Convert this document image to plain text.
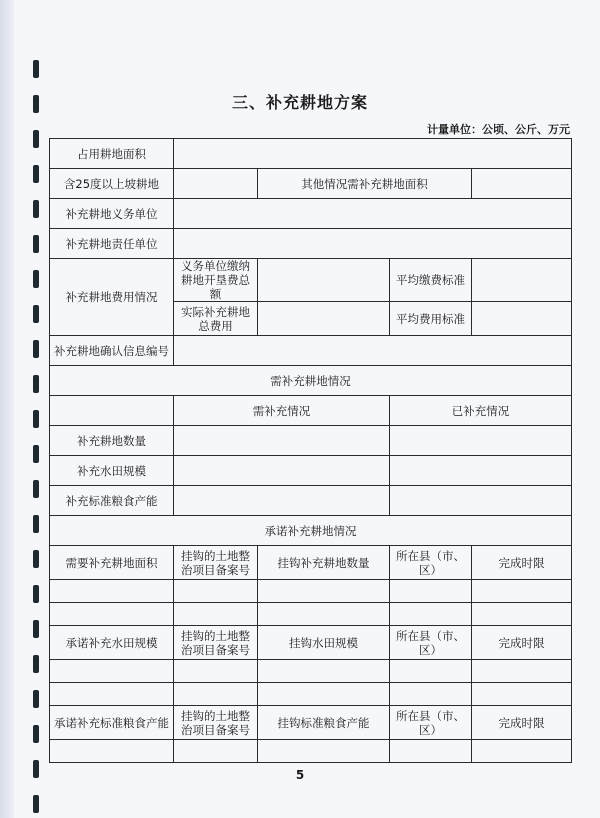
三、补充耕地方案
计量单位：公顷、公斤、万元
占用耕地面积				
含25度以上坡耕地		其他情况需补充耕地面积		
补充耕地义务单位				
补充耕地责任单位				
补充耕地费用情况	义务单位缴纳耕地开垦费总额		平均缴费标准	
	实际补充耕地总费用		平均费用标准	
补充耕地确认信息编号				
需补充耕地情况				
	需补充情况		已补充情况	
补充耕地数量				
补充水田规模				
补充标准粮食产能				
承诺补充耕地情况				
需要补充耕地面积	挂钩的土地整治项目备案号	挂钩补充耕地数量	所在县（市、区）	完成时限

承诺补充水田规模	挂钩的土地整治项目备案号	挂钩水田规模	所在县（市、区）	完成时限

承诺补充标准粮食产能	挂钩的土地整治项目备案号	挂钩标准粮食产能	所在县（市、区）	完成时限

5
